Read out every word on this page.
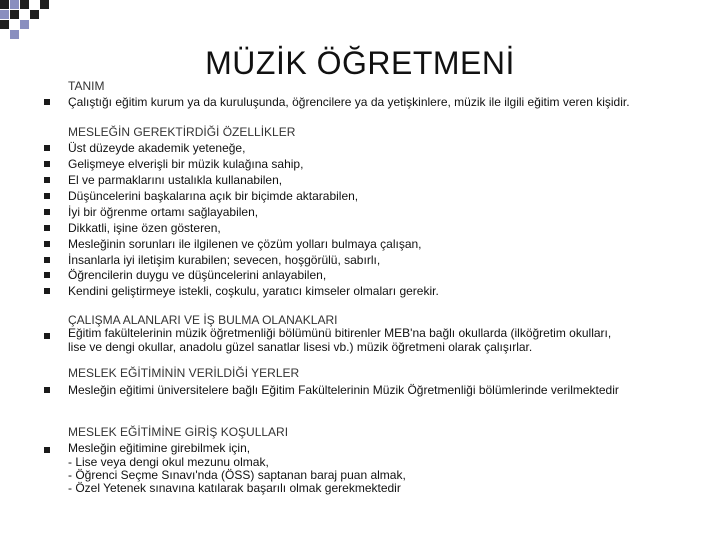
MÜZİK ÖĞRETMENİ
TANIM
Çalıştığı eğitim kurum ya da kuruluşunda, öğrencilere ya da yetişkinlere, müzik ile ilgili eğitim veren kişidir.
MESLEĞİN GEREKTİRDİĞİ ÖZELLİKLER
Üst düzeyde akademik yeteneğe,
Gelişmeye elverişli bir müzik kulağına sahip,
El ve parmaklarını ustalıkla kullanabilen,
Düşüncelerini başkalarına açık bir biçimde aktarabilen,
İyi bir öğrenme ortamı sağlayabilen,
Dikkatli, işine özen gösteren,
Mesleğinin sorunları ile ilgilenen ve çözüm yolları bulmaya çalışan,
İnsanlarla iyi iletişim kurabilen; sevecen, hoşgörülü, sabırlı,
Öğrencilerin duygu ve düşüncelerini anlayabilen,
Kendini geliştirmeye istekli, coşkulu, yaratıcı kimseler olmaları gerekir.
ÇALIŞMA ALANLARI VE İŞ BULMA OLANAKLARI
Eğitim fakültelerinin müzik öğretmenliği bölümünü bitirenler MEB'na bağlı okullarda (ilköğretim okulları,
lise ve dengi okullar, anadolu güzel sanatlar lisesi vb.) müzik öğretmeni olarak çalışırlar.
MESLEK EĞİTİMİNİN VERİLDİĞİ YERLER
Mesleğin eğitimi üniversitelere bağlı Eğitim Fakültelerinin Müzik Öğretmenliği bölümlerinde verilmektedir
MESLEK EĞİTİMİNE GİRİŞ KOŞULLARI
Mesleğin eğitimine girebilmek için,
- Lise veya dengi okul mezunu olmak,
- Öğrenci Seçme Sınavı'nda (ÖSS) saptanan baraj puan almak,
- Özel Yetenek sınavına katılarak başarılı olmak gerekmektedir
